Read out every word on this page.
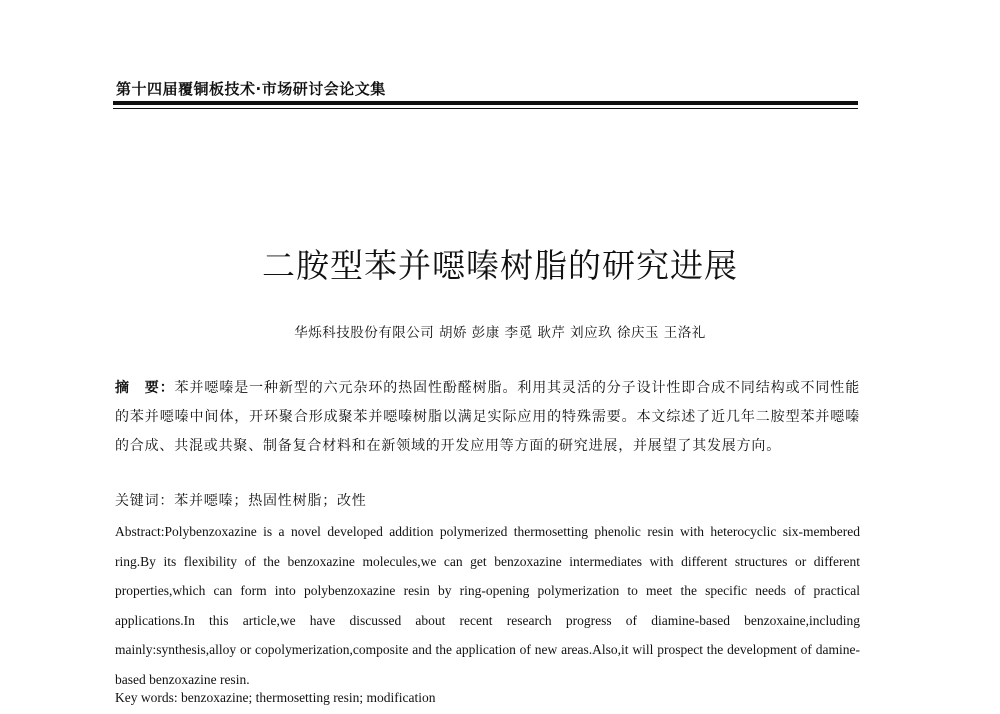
第十四届覆铜板技术·市场研讨会论文集
二胺型苯并噁嗪树脂的研究进展
华烁科技股份有限公司 胡娇 彭康 李觅 耿芹 刘应玖 徐庆玉 王洛礼
摘　要：苯并噁嗪是一种新型的六元杂环的热固性酚醛树脂。利用其灵活的分子设计性即合成不同结构或不同性能的苯并噁嗪中间体，开环聚合形成聚苯并噁嗪树脂以满足实际应用的特殊需要。本文综述了近几年二胺型苯并噁嗪的合成、共混或共聚、制备复合材料和在新领域的开发应用等方面的研究进展，并展望了其发展方向。
关键词：苯并噁嗪；热固性树脂；改性
Abstract:Polybenzoxazine is a novel developed addition polymerized thermosetting phenolic resin with heterocyclic six-membered ring.By its flexibility of the benzoxazine molecules,we can get benzoxazine intermediates with different structures or different properties,which can form into polybenzoxazine resin by ring-opening polymerization to meet the specific needs of practical applications.In this article,we have discussed about recent research progress of diamine-based benzoxaine,including mainly:synthesis,alloy or copolymerization,composite and the application of new areas.Also,it will prospect the development of damine-based benzoxazine resin.
Key words: benzoxazine; thermosetting resin; modification
